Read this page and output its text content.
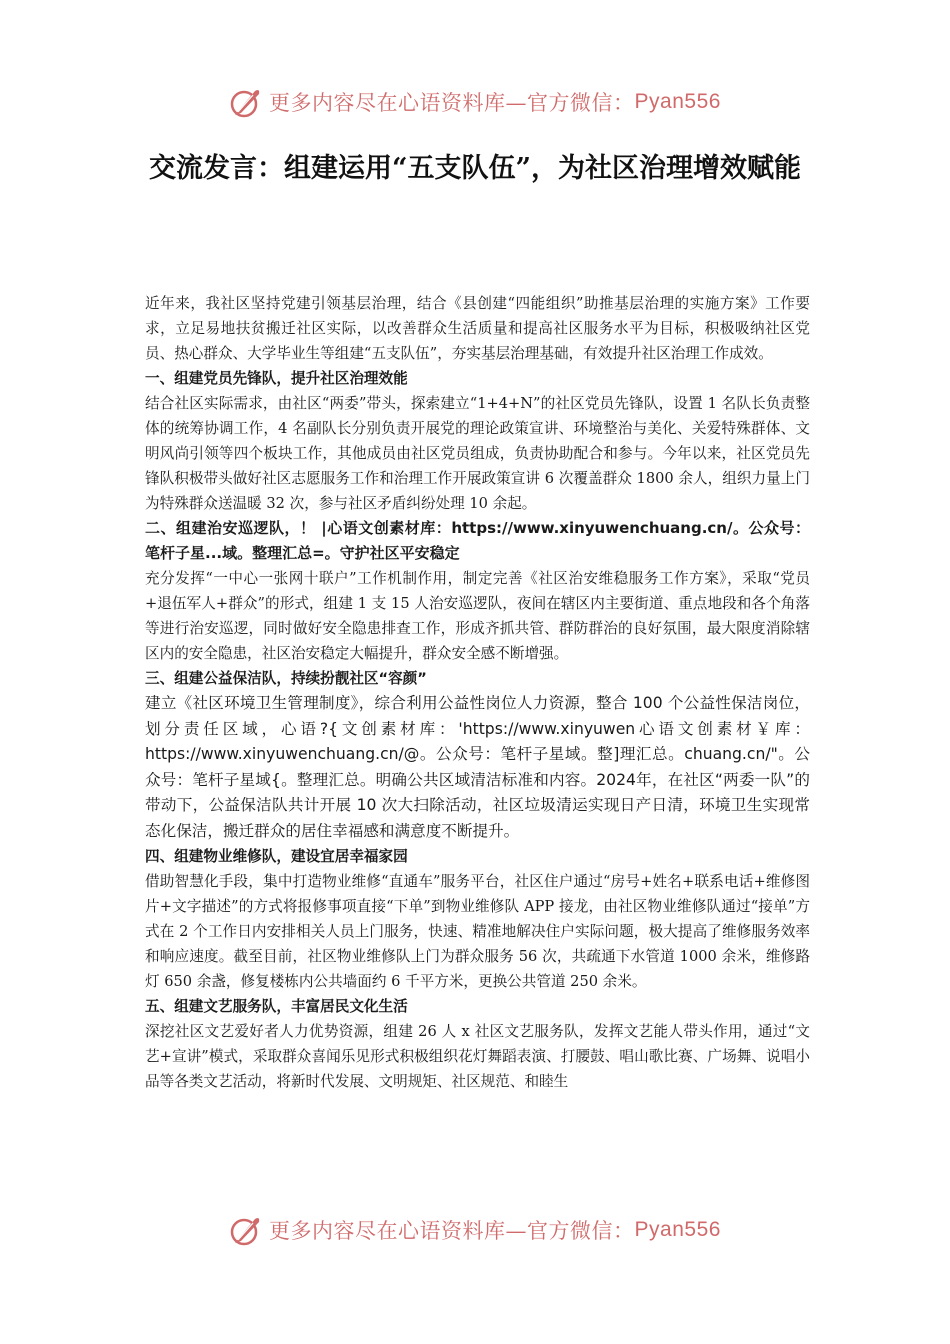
更多内容尽在心语资料库—官方微信： Pyan556
交流发言：组建运用“五支队伍”，为社区治理增效赋能

近年来，我社区坚持党建引领基层治理，结合《县创建“四能组织”助推基层治理的实施方案》工作要求，立足易地扶贫搬迁社区实际，以改善群众生活质量和提高社区服务水平为目标，积极吸纳社区党员、热心群众、大学毕业生等组建“五支队伍”，夯实基层治理基础，有效提升社区治理工作成效。

一、组建党员先锋队，提升社区治理效能

结合社区实际需求，由社区“两委”带头，探索建立“1+4+N”的社区党员先锋队，设置 1 名队长负责整体的统筹协调工作，4 名副队长分别负责开展党的理论政策宣讲、环境整治与美化、关爱特殊群体、文明风尚引领等四个板块工作，其他成员由社区党员组成，负责协助配合和参与。今年以来，社区党员先锋队积极带头做好社区志愿服务工作和治理工作开展政策宣讲 6 次覆盖群众 1800 余人，组织力量上门为特殊群众送温暖 32 次，参与社区矛盾纠纷处理 10 余起。

二、组建治安巡逻队，！ |心语文创素材库：https://www.xinyuwenchuang.cn/。公众号：笔杆子星...域。整理汇总=。守护社区平安稳定

充分发挥“一中心一张网十联户”工作机制作用，制定完善《社区治安维稳服务工作方案》，采取“党员+退伍军人+群众”的形式，组建 1 支 15 人治安巡逻队，夜间在辖区内主要街道、重点地段和各个角落等进行治安巡逻，同时做好安全隐患排查工作，形成齐抓共管、群防群治的良好氛围，最大限度消除辖区内的安全隐患，社区治安稳定大幅提升，群众安全感不断增强。

三、组建公益保洁队，持续扮靓社区“容颜”

建立《社区环境卫生管理制度》，综合利用公益性岗位人力资源，整合 100 个公益性保洁岗位，划分责任区域，心语?{文创素材库：'https://www.xinyuwen心语文创素材￥库：https://www.xinyuwenchuang.cn/@。公众号：笔杆子星域。整]理汇总。chuang.cn/"。公众号：笔杆子星域{。整理汇总。明确公共区域清洁标准和内容。2024年，在社区“两委一队”的带动下，公益保洁队共计开展 10 次大扫除活动，社区垃圾清运实现日产日清，环境卫生实现常态化保洁，搬迁群众的居住幸福感和满意度不断提升。

四、组建物业维修队，建设宜居幸福家园

借助智慧化手段，集中打造物业维修“直通车”服务平台，社区住户通过“房号+姓名+联系电话+维修图片+文字描述”的方式将报修事项直接“下单”到物业维修队 APP 接龙，由社区物业维修队通过“接单”方式在 2 个工作日内安排相关人员上门服务，快速、精准地解决住户实际问题，极大提高了维修服务效率和响应速度。截至目前，社区物业维修队上门为群众服务 56 次，共疏通下水管道 1000 余米，维修路灯 650 余盏，修复楼栋内公共墙面约 6 千平方米，更换公共管道 250 余米。

五、组建文艺服务队，丰富居民文化生活

深挖社区文艺爱好者人力优势资源，组建 26 人 x 社区文艺服务队，发挥文艺能人带头作用，通过“文艺+宣讲”模式，采取群众喜闻乐见形式积极组织花灯舞蹈表演、打腰鼓、唱山歌比赛、广场舞、说唱小品等各类文艺活动，将新时代发展、文明规矩、社区规范、和睦生

更多内容尽在心语资料库—官方微信： Pyan556
